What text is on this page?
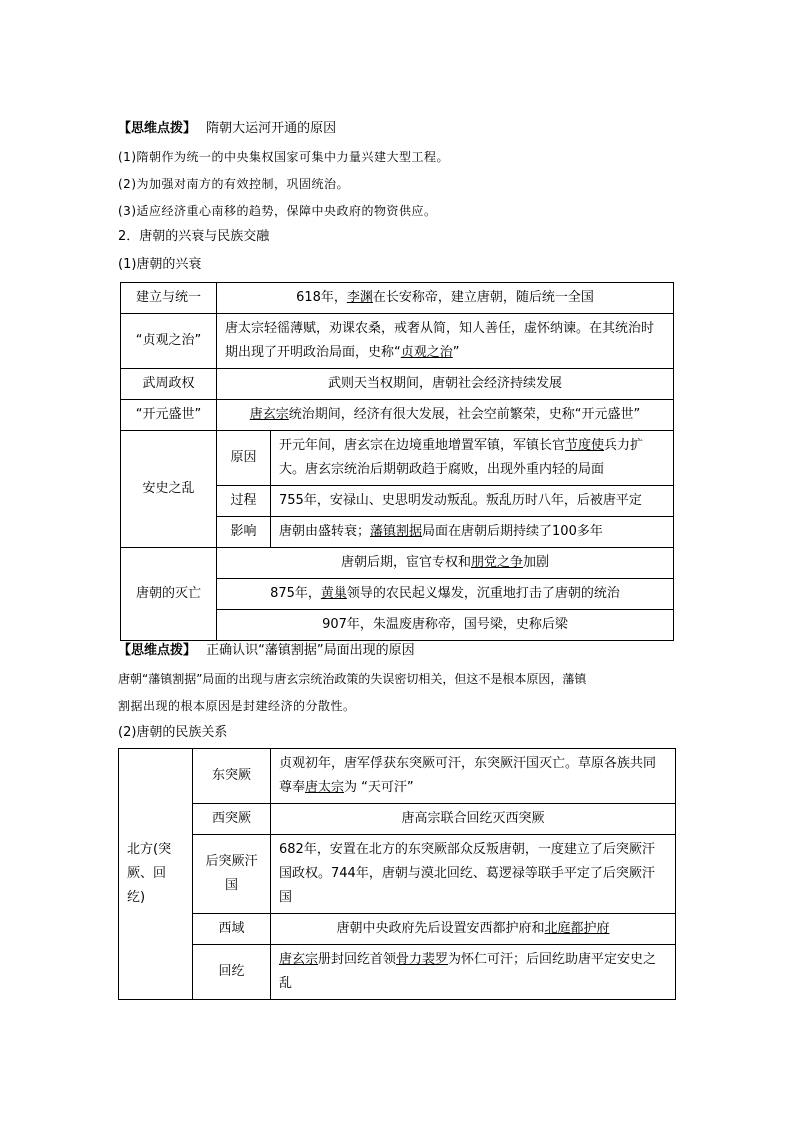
【思维点拨】 隋朝大运河开通的原因
(1)隋朝作为统一的中央集权国家可集中力量兴建大型工程。
(2)为加强对南方的有效控制，巩固统治。
(3)适应经济重心南移的趋势，保障中央政府的物资供应。
2．唐朝的兴衰与民族交融
(1)唐朝的兴衰
建立与统一	618年，李渊在长安称帝，建立唐朝，随后统一全国	
“贞观之治”	唐太宗轻徭薄赋，劝课农桑，戒奢从简，知人善任，虚怀纳谏。在其统治时期出现了开明政治局面，史称“贞观之治”	
武周政权	武则天当权期间，唐朝社会经济持续发展	
“开元盛世”	唐玄宗统治期间，经济有很大发展，社会空前繁荣，史称“开元盛世”	
安史之乱	原因	开元年间，唐玄宗在边境重地增置军镇，军镇长官节度使兵力扩大。唐玄宗统治后期朝政趋于腐败，出现外重内轻的局面
	过程	755年，安禄山、史思明发动叛乱。叛乱历时八年，后被唐平定
	影响	唐朝由盛转衰；藩镇割据局面在唐朝后期持续了100多年
唐朝的灭亡	唐朝后期，宦官专权和朋党之争加剧	
	875年，黄巢领导的农民起义爆发，沉重地打击了唐朝的统治	
	907年，朱温废唐称帝，国号梁，史称后梁	
【思维点拨】 正确认识“藩镇割据”局面出现的原因
唐朝“藩镇割据”局面的出现与唐玄宗统治政策的失误密切相关，但这不是根本原因，藩镇
割据出现的根本原因是封建经济的分散性。
(2)唐朝的民族关系
北方(突厥、回纥)	东突厥	贞观初年，唐军俘获东突厥可汗，东突厥汗国灭亡。草原各族共同尊奉唐太宗为 “天可汗”
	西突厥	唐高宗联合回纥灭西突厥
	后突厥汗国	682年，安置在北方的东突厥部众反叛唐朝，一度建立了后突厥汗国政权。744年，唐朝与漠北回纥、葛逻禄等联手平定了后突厥汗国
	西域	唐朝中央政府先后设置安西都护府和北庭都护府
	回纥	唐玄宗册封回纥首领骨力裴罗为怀仁可汗；后回纥助唐平定安史之乱
